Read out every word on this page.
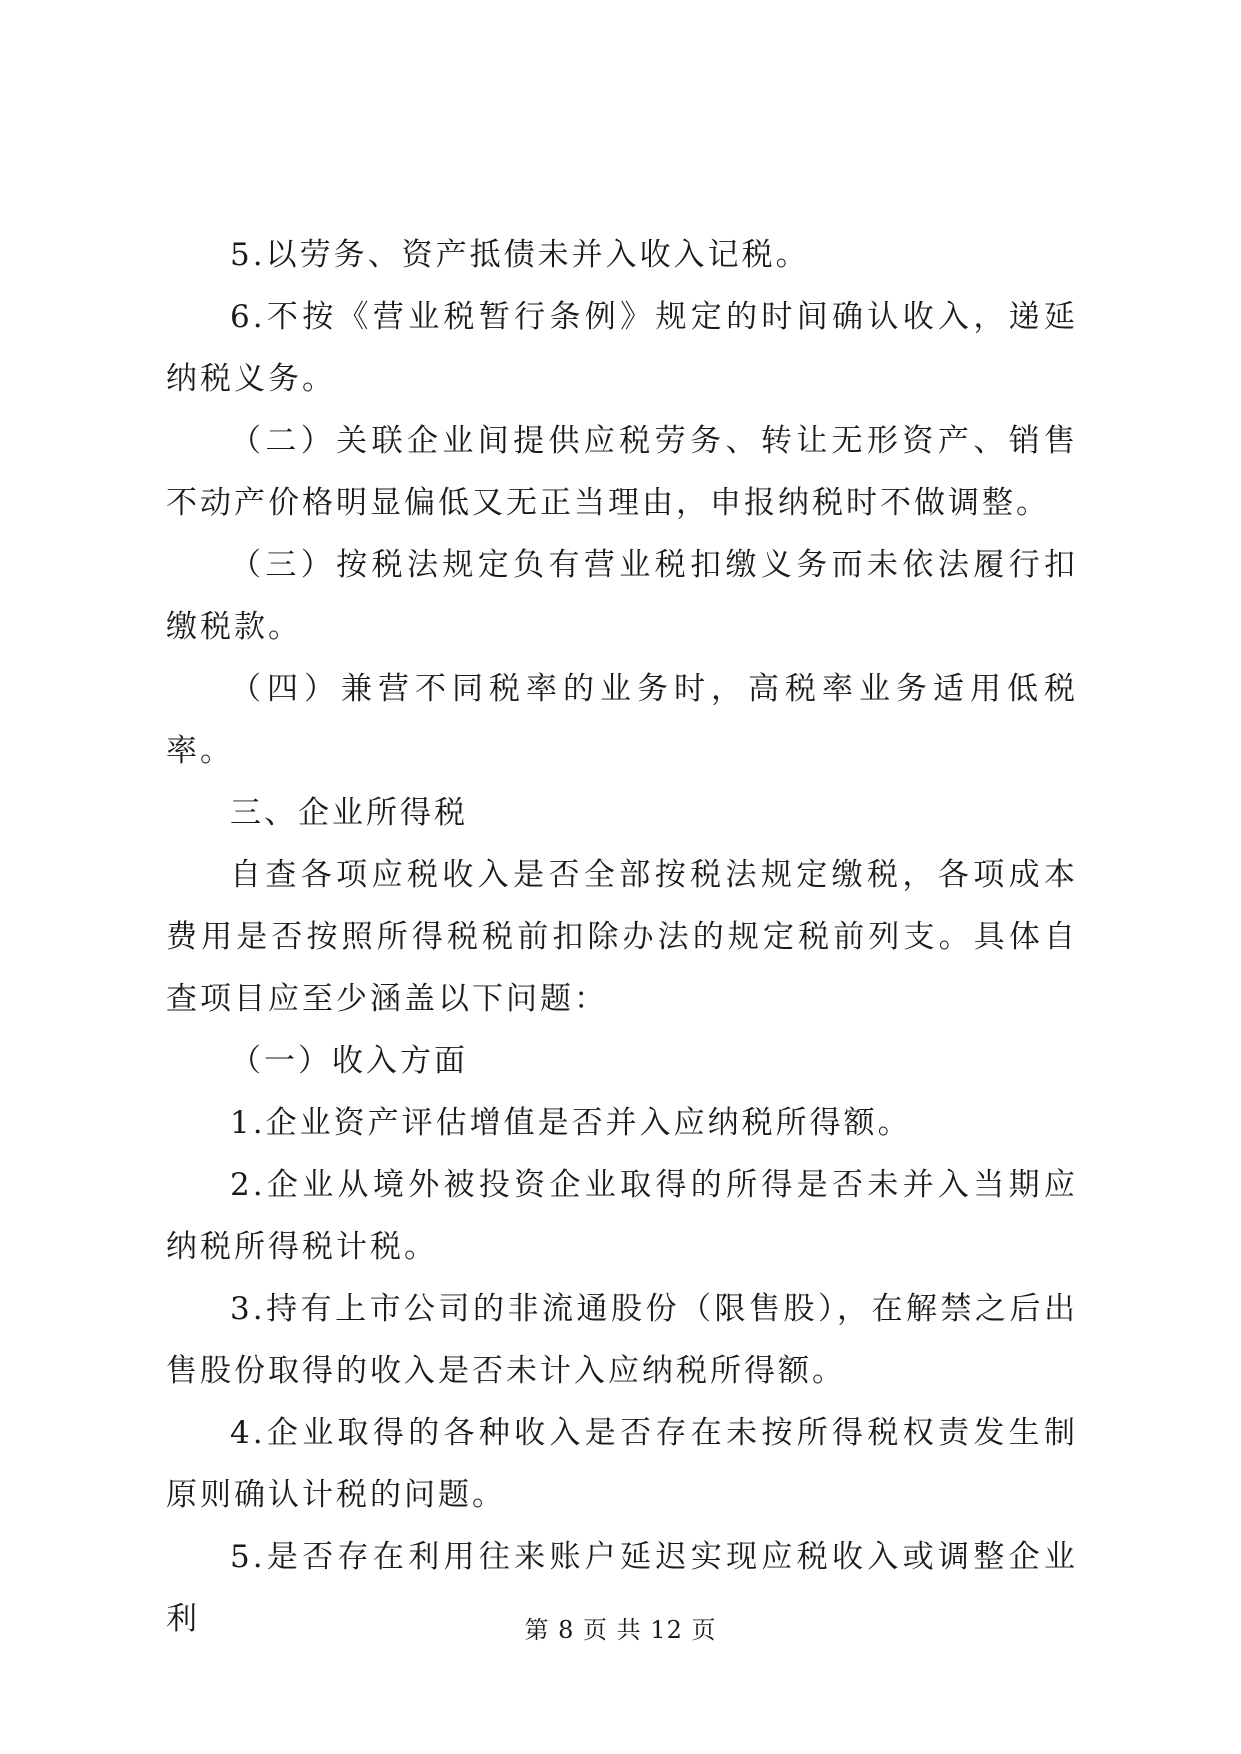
5.以劳务、资产抵债未并入收入记税。

6.不按《营业税暂行条例》规定的时间确认收入，递延纳税义务。

（二）关联企业间提供应税劳务、转让无形资产、销售不动产价格明显偏低又无正当理由，申报纳税时不做调整。

（三）按税法规定负有营业税扣缴义务而未依法履行扣缴税款。

（四）兼营不同税率的业务时，高税率业务适用低税率。

三、企业所得税

自查各项应税收入是否全部按税法规定缴税，各项成本费用是否按照所得税税前扣除办法的规定税前列支。具体自查项目应至少涵盖以下问题：

（一）收入方面

1.企业资产评估增值是否并入应纳税所得额。

2.企业从境外被投资企业取得的所得是否未并入当期应纳税所得税计税。

3.持有上市公司的非流通股份（限售股），在解禁之后出售股份取得的收入是否未计入应纳税所得额。

4.企业取得的各种收入是否存在未按所得税权责发生制原则确认计税的问题。

5.是否存在利用往来账户延迟实现应税收入或调整企业利	第 8 页 共 12 页
